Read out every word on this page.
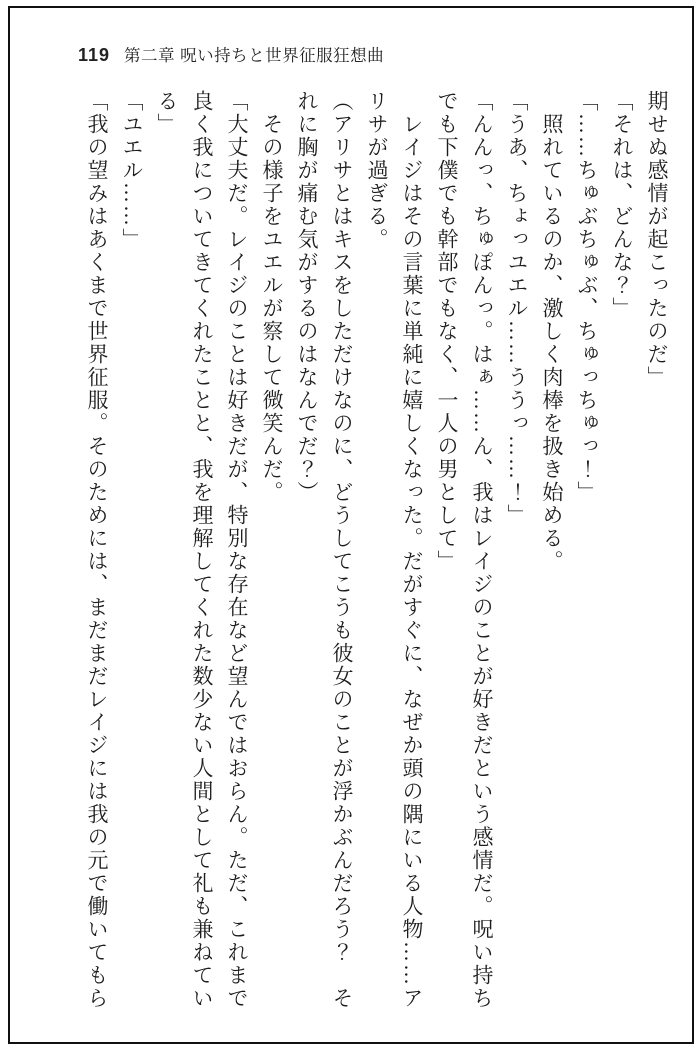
119 第二章 呪い持ちと世界征服狂想曲

期せぬ感情が起こったのだ」

「それは、どんな？」

「……ちゅぶちゅぶ、ちゅっちゅっ！」

　照れているのか、激しく肉棒を扱き始める。

「うあ、ちょっユエル……ううっ……！」

「んんっ、ちゅぽんっ。はぁ……ん、我はレイジのことが好きだという感情だ。呪い持ち

でも下僕でも幹部でもなく、一人の男として」

　レイジはその言葉に単純に嬉しくなった。だがすぐに、なぜか頭の隅にいる人物……ア

リサが過ぎる。

（アリサとはキスをしただけなのに、どうしてこうも彼女のことが浮かぶんだろう？　そ

れに胸が痛む気がするのはなんでだ？）

　その様子をユエルが察して微笑んだ。

「大丈夫だ。レイジのことは好きだが、特別な存在など望んではおらん。ただ、これまで

良く我についてきてくれたことと、我を理解してくれた数少ない人間として礼も兼ねてい

る」

「ユエル……」

「我の望みはあくまで世界征服。そのためには、まだまだレイジには我の元で働いてもら
